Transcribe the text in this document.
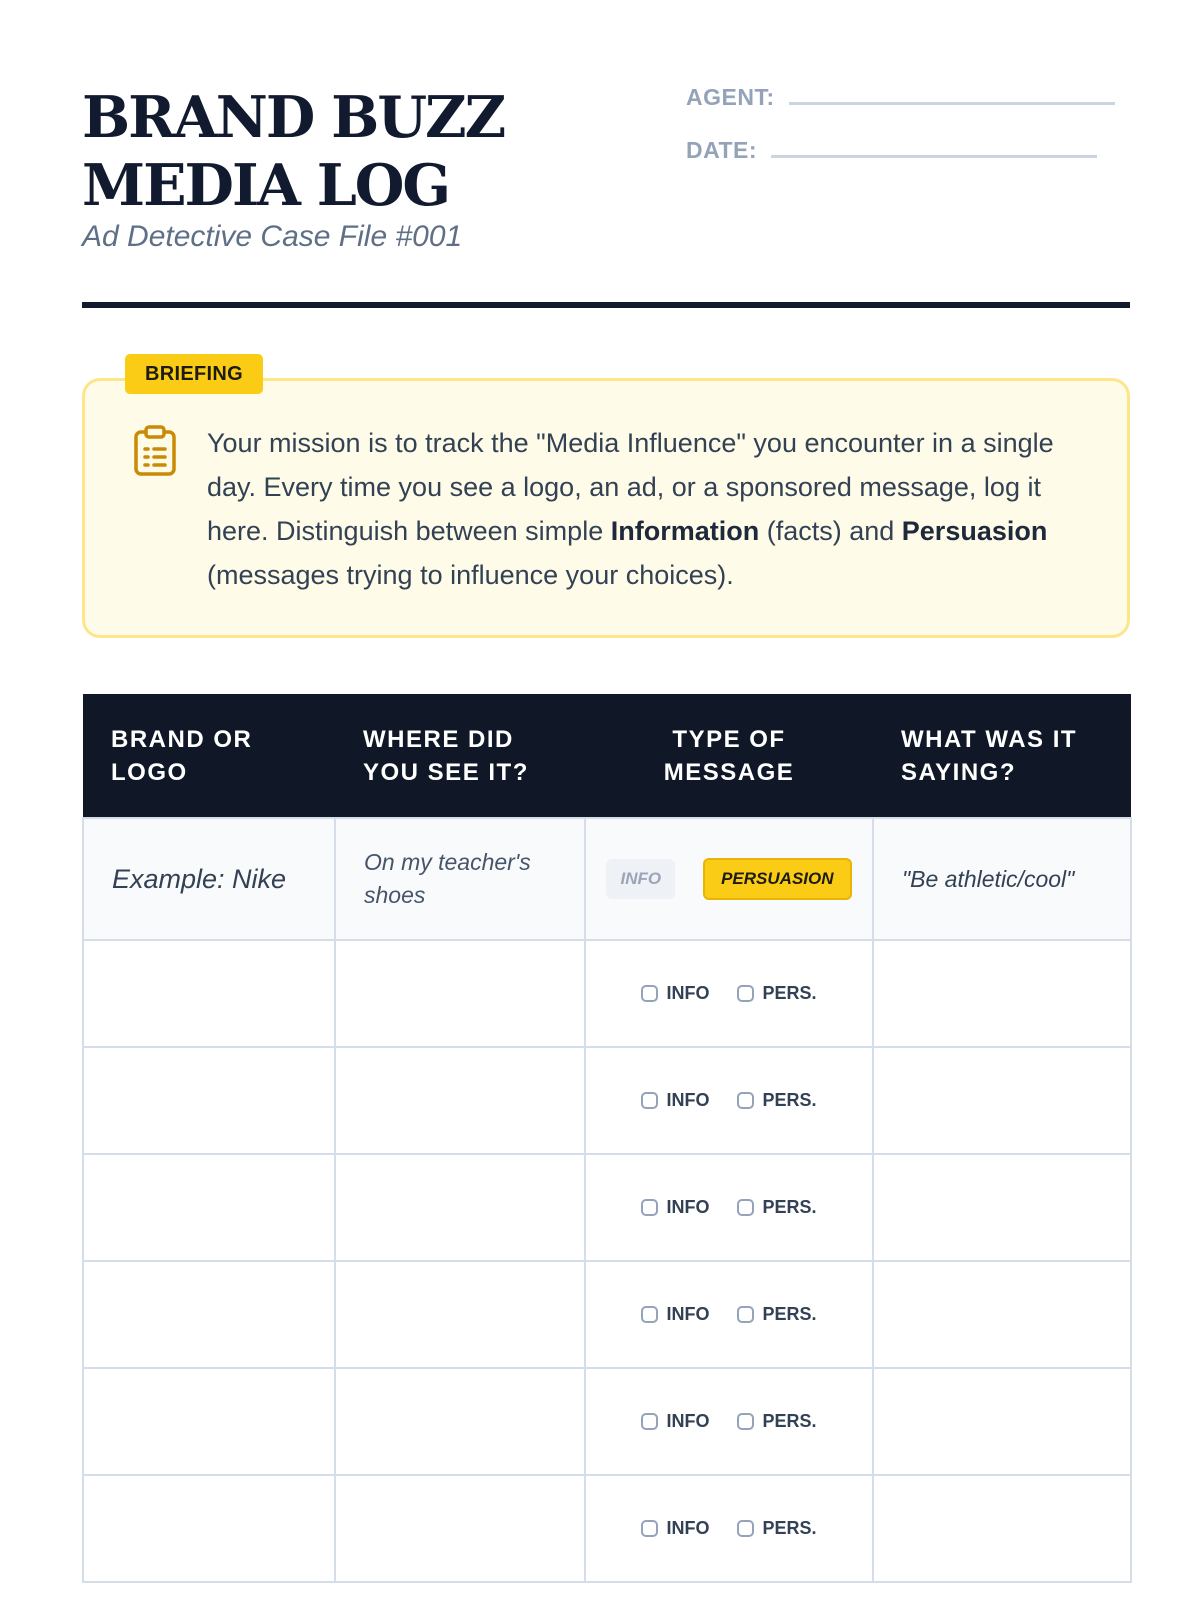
BRAND BUZZ MEDIA LOG
Ad Detective Case File #001
AGENT:
DATE:
Your mission is to track the "Media Influence" you encounter in a single day. Every time you see a logo, an ad, or a sponsored message, log it here. Distinguish between simple Information (facts) and Persuasion (messages trying to influence your choices).
BRIEFING
BRAND OR LOGO	WHERE DID YOU SEE IT?	TYPE OF MESSAGE	WHAT WAS IT SAYING?
Example: Nike	On my teacher's shoes	INFO PERSUASION	"Be athletic/cool"

		INFO PERS.	

		INFO PERS.	

		INFO PERS.	

		INFO PERS.	

		INFO PERS.	

		INFO PERS.	
